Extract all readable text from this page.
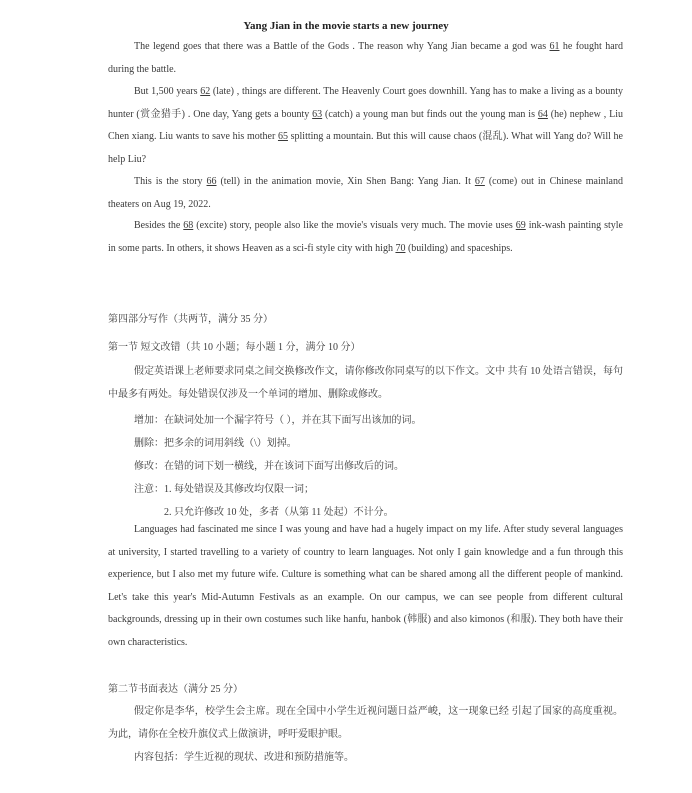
Yang Jian in the movie starts a new journey

The legend goes that there was a Battle of the Gods . The reason why Yang Jian became a god was 61 he fought hard during the battle.

But 1,500 years 62 (late) , things are different. The Heavenly Court goes downhill. Yang has to make a living as a bounty hunter (赏金猎手) . One day, Yang gets a bounty 63 (catch) a young man but finds out the young man is 64 (he) nephew , Liu Chen xiang. Liu wants to save his mother 65 splitting a mountain. But this will cause chaos (混乱). What will Yang do? Will he help Liu?

This is the story 66 (tell) in the animation movie, Xin Shen Bang: Yang Jian. It 67 (come) out in Chinese mainland theaters on Aug 19, 2022.

Besides the 68 (excite) story, people also like the movie's visuals very much. The movie uses 69 ink-wash painting style in some parts. In others, it shows Heaven as a sci-fi style city with high 70 (building) and spaceships.

第四部分写作（共两节，满分 35 分）

第一节 短文改错（共 10 小题；每小题 1 分，满分 10 分）

假定英语课上老师要求同桌之间交换修改作文，请你修改你同桌写的以下作文。文中 共有 10 处语言错误，每句中最多有两处。每处错误仅涉及一个单词的增加、删除或修改。

增加：在缺词处加一个漏字符号（ ），并在其下面写出该加的词。

删除：把多余的词用斜线（\）划掉。

修改：在错的词下划一横线，并在该词下面写出修改后的词。

注意：1. 每处错误及其修改均仅限一词；

　　　2. 只允许修改 10 处，多者（从第 11 处起）不计分。

Languages had fascinated me since I was young and have had a hugely impact on my life. After study several languages at university, I started travelling to a variety of country to learn languages. Not only I gain knowledge and a fun through this experience, but I also met my future wife. Culture is something what can be shared among all the different people of mankind. Let's take this year's Mid-Autumn Festivals as an example. On our campus, we can see people from different cultural backgrounds, dressing up in their own costumes such like hanfu, hanbok (韩服) and also kimonos (和服). They both have their own characteristics.

第二节书面表达（满分 25 分）

假定你是李华，校学生会主席。现在全国中小学生近视问题日益严峻，这一现象已经 引起了国家的高度重视。为此，请你在全校升旗仪式上做演讲，呼吁爱眼护眼。

内容包括：学生近视的现状、改进和预防措施等。
